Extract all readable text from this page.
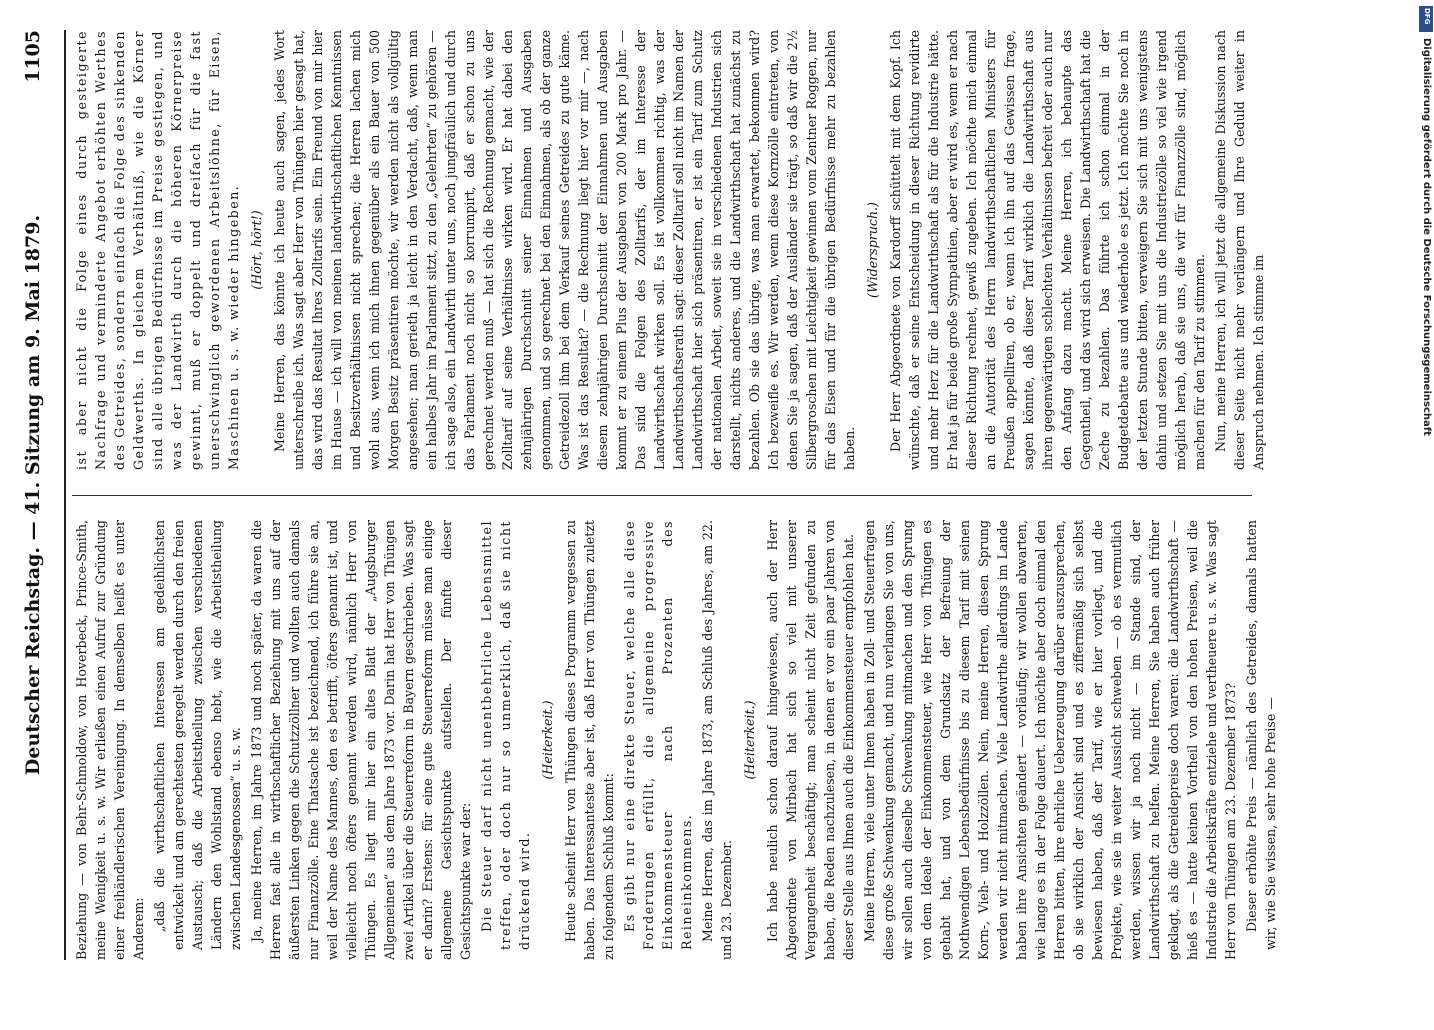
Deutscher Reichstag. — 41. Sitzung am 9. Mai 1879.
1105

Beziehung — von Behr-Schmoldow, von Hoverbeck, Prince-Smith, meine Wenigkeit u. s. w. Wir erließen einen Aufruf zur Gründung einer freihändlerischen Vereinigung. In demselben heißt es unter Anderem: „daß die wirthschaftlichen Interessen am gedeihlichsten entwickelt und am gerechtesten geregelt werden durch den freien Austausch; daß die Arbeitstheilung zwischen verschiedenen Ländern den Wohlstand ebenso hebt, wie die Arbeitstheilung zwischen Landesgenossen“ u. s. w. Ja, meine Herren, im Jahre 1873 und noch später, da waren die Herren fast alle in wirthschaftlicher Beziehung mit uns auf der äußersten Linken gegen die Schutzzöllner und wollten auch damals nur Finanzzölle. Eine Thatsache ist bezeichnend, ich führe sie an, weil der Name des Mannes, den es betrifft, öfters genannt ist, und vielleicht noch öfters genannt werden wird, nämlich Herr von Thüngen. Es liegt mir hier ein altes Blatt der „Augsburger Allgemeinen“ aus dem Jahre 1873 vor. Darin hat Herr von Thüngen zwei Artikel über die Steuerreform in Bayern geschrieben. Was sagt er darin? Erstens: für eine gute Steuerreform müsse man einige allgemeine Gesichtspunkte aufstellen. Der fünfte dieser Gesichtspunkte war der: Die Steuer darf nicht unentbehrliche Lebensmittel treffen, oder doch nur so unmerklich, daß sie nicht drückend wird.

(Heiterkeit.) Heute scheint Herr von Thüngen dieses Programm vergessen zu haben. Das Interessanteste aber ist, daß Herr von Thüngen zuletzt zu folgendem Schluß kommt: Es gibt nur eine direkte Steuer, welche alle diese Forderungen erfüllt, die allgemeine progressive Einkommensteuer nach Prozenten des Reineinkommens. Meine Herren, das im Jahre 1873, am Schluß des Jahres, am 22. und 23. Dezember.

(Heiterkeit.) Ich habe neulich schon darauf hingewiesen, auch der Herr Abgeordnete von Mirbach hat sich so viel mit unserer Vergangenheit beschäftigt; man scheint nicht Zeit gefunden zu haben, die Reden nachzulesen, in denen er vor ein paar Jahren von dieser Stelle aus Ihnen auch die Einkommensteuer empfohlen hat. Meine Herren, viele unter Ihnen haben in Zoll- und Steuerfragen diese große Schwenkung gemacht, und nun verlangen Sie von uns, wir sollen auch dieselbe Schwenkung mitmachen und den Sprung von dem Ideale der Einkommensteuer, wie Herr von Thüngen es gehabt hat, und von dem Grundsatz der Befreiung der Nothwendigen Lebensbedürfnisse bis zu diesem Tarif mit seinen Korn-, Vieh- und Holzzöllen. Nein, meine Herren, diesen Sprung werden wir nicht mitmachen. Viele Landwirthe allerdings im Lande haben ihre Ansichten geändert — vorläufig; wir wollen abwarten, wie lange es in der Folge dauert. Ich möchte aber doch einmal den Herren bitten, ihre ehrliche Ueberzeugung darüber auszusprechen, ob sie wirklich der Ansicht sind und es ziffermäßig sich selbst bewiesen haben, daß der Tarif, wie er hier vorliegt, und die Projekte, wie sie in weiter Aussicht schweben — ob es vermutlich werden, wissen wir ja noch nicht — im Stande sind, der Landwirthschaft zu helfen. Meine Herren, Sie haben auch früher geklagt, als die Getreidepreise doch waren: die Landwirthschaft — hieß es — hatte keinen Vortheil von den hohen Preisen, weil die Industrie die Arbeitskräfte entziehe und vertheuere u. s. w. Was sagt Herr von Thüngen am 23. Dezember 1873? Dieser erhöhte Preis — nämlich des Getreides, damals hatten wir, wie Sie wissen, sehr hohe Preise —

ist aber nicht die Folge eines durch gesteigerte Nachfrage und verminderte Angebot erhöhten Werthes des Getreides, sondern einfach die Folge des sinkenden Geldwerths. In gleichem Verhältniß, wie die Körner sind alle übrigen Bedürfnisse im Preise gestiegen, und was der Landwirth durch die höheren Körnerpreise gewinnt, muß er doppelt und dreifach für die fast unerschwinglich gewordenen Arbeitslöhne, für Eisen, Maschinen u. s. w. wieder hingeben. (Hört, hört!) Meine Herren, das könnte ich heute auch sagen, jedes Wort unterschreibe ich. Was sagt aber Herr von Thüngen hier gesagt hat, das wird das Resultat Ihres Zolltarifs sein. Ein Freund von mir hier im Hause — ich will von meinen landwirthschaftlichen Kenntnissen und Besitzverhältnissen nicht sprechen; die Herren lachen mich wohl aus, wenn ich mich ihnen gegenüber als ein Bauer von 500 Morgen Besitz präsentiren möchte, wir werden nicht als vollgültig angesehen; man gerieth ja leicht in den Verdacht, daß, wenn man ein halbes Jahr im Parlament sitzt, zu den „Gelehrten“ zu gehören — ich sage also, ein Landwirth unter uns, noch jungfräulich und durch das Parlament noch nicht so korrumpirt, daß er schon zu uns gerechnet werden muß — hat sich die Rechnung gemacht, wie der Zolltarif auf seine Verhältnisse wirken wird. Er hat dabei den zehnjährigen Durchschnitt seiner Einnahmen und Ausgaben genommen, und so gerechnet bei den Einnahmen, als ob der ganze Getreidezoll ihm bei dem Verkauf seines Getreides zu gute käme. Was ist das Resultat? — die Rechnung liegt hier vor mir —, nach diesem zehnjährigen Durchschnitt der Einnahmen und Ausgaben kommt er zu einem Plus der Ausgaben von 200 Mark pro Jahr. — Das sind die Folgen des Zolltarifs, der im Interesse der Landwirthschaft wirken soll. Es ist vollkommen richtig, was der Landwirthschaftserath sagt: dieser Zolltarif soll nicht im Namen der Landwirthschaft hier sich präsentiren, er ist ein Tarif zum Schutz der nationalen Arbeit, soweit sie in verschiedenen Industrien sich darstellt, nichts anderes, und die Landwirthschaft hat zunächst zu bezahlen. Ob sie das übrige, was man erwartet, bekommen wird? Ich bezweifle es. Wir werden, wenn diese Kornzölle eintreten, von denen Sie ja sagen, daß der Ausländer sie trägt, so daß wir die 2½ Silbergroschen mit Leichtigkeit gewinnen vom Zentner Roggen, nur für das Eisen und für die übrigen Bedürfnisse mehr zu bezahlen haben.

(Widerspruch.) Der Herr Abgeordnete von Kardorff schüttelt mit dem Kopf. Ich wünschte, daß er seine Entscheidung in dieser Richtung revidirte und mehr Herz für die Landwirthschaft als für die Industrie hätte. Er hat ja für beide große Sympathien, aber er wird es, wenn er nach dieser Richtung rechnet, gewiß zugeben. Ich möchte mich einmal an die Autorität des Herrn landwirthschaftlichen Ministers für Preußen appelliren, ob er, wenn ich ihn auf das Gewissen frage, sagen könnte, daß dieser Tarif wirklich die Landwirthschaft aus ihren gegenwärtigen schlechten Verhältnissen befreit oder auch nur den Anfang dazu macht. Meine Herren, ich behaupte das Gegentheil, und das wird sich erweisen. Die Landwirthschaft hat die Zeche zu bezahlen. Das führte ich schon einmal in der Budgetdebatte aus und wiederhole es jetzt. Ich möchte Sie noch in der letzten Stunde bitten, verweigern Sie sich mit uns wenigstens dahin und setzen Sie mit uns die Industriezölle so viel wie irgend möglich herab, daß sie uns, die wir für Finanzzölle sind, möglich machen für den Tarif zu stimmen. Nun, meine Herren, ich will jetzt die allgemeine Diskussion nach dieser Seite nicht mehr verlängern und Ihre Geduld weiter in Anspruch nehmen. Ich stimme im

DFG
Digitalisierung gefördert durch die Deutsche Forschungsgemeinschaft
